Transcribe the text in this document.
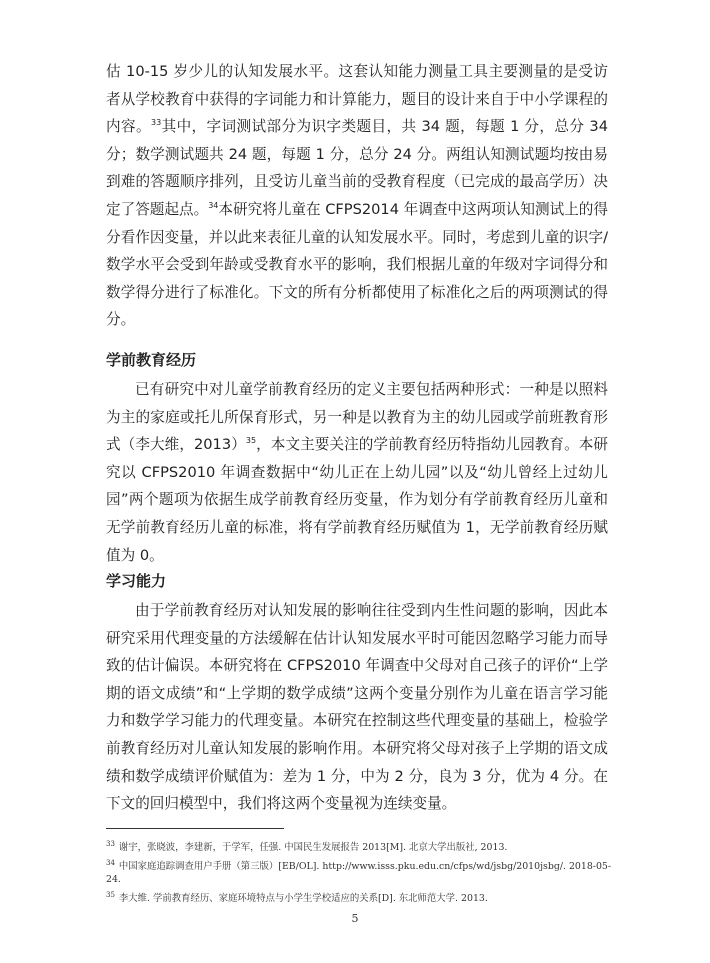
估 10-15 岁少儿的认知发展水平。这套认知能力测量工具主要测量的是受访者从学校教育中获得的字词能力和计算能力，题目的设计来自于中小学课程的内容。$^{33}$其中，字词测试部分为识字类题目，共 34 题，每题 1 分，总分 34 分；数学测试题共 24 题，每题 1 分，总分 24 分。两组认知测试题均按由易到难的答题顺序排列，且受访儿童当前的受教育程度（已完成的最高学历）决定了答题起点。$^{34}$本研究将儿童在 CFPS2014 年调查中这两项认知测试上的得分看作因变量，并以此来表征儿童的认知发展水平。同时，考虑到儿童的识字/数学水平会受到年龄或受教育水平的影响，我们根据儿童的年级对字词得分和数学得分进行了标准化。下文的所有分析都使用了标准化之后的两项测试的得分。

学前教育经历

已有研究中对儿童学前教育经历的定义主要包括两种形式：一种是以照料为主的家庭或托儿所保育形式，另一种是以教育为主的幼儿园或学前班教育形式（李大维，2013）$^{35}$，本文主要关注的学前教育经历特指幼儿园教育。本研究以 CFPS2010 年调查数据中“幼儿正在上幼儿园”以及“幼儿曾经上过幼儿园”两个题项为依据生成学前教育经历变量，作为划分有学前教育经历儿童和无学前教育经历儿童的标准，将有学前教育经历赋值为 1，无学前教育经历赋值为 0。

学习能力

由于学前教育经历对认知发展的影响往往受到内生性问题的影响，因此本研究采用代理变量的方法缓解在估计认知发展水平时可能因忽略学习能力而导致的估计偏误。本研究将在 CFPS2010 年调查中父母对自己孩子的评价“上学期的语文成绩”和“上学期的数学成绩”这两个变量分别作为儿童在语言学习能力和数学学习能力的代理变量。本研究在控制这些代理变量的基础上，检验学前教育经历对儿童认知发展的影响作用。本研究将父母对孩子上学期的语文成绩和数学成绩评价赋值为：差为 1 分，中为 2 分，良为 3 分，优为 4 分。在下文的回归模型中，我们将这两个变量视为连续变量。

$^{33}$ 谢宇，张晓波，李建新，于学军，任强. 中国民生发展报告 2013[M]. 北京大学出版社, 2013.

$^{34}$ 中国家庭追踪调查用户手册（第三版）[EB/OL]. http://www.isss.pku.edu.cn/cfps/wd/jsbg/2010jsbg/. 2018-05-24.

$^{35}$ 李大维. 学前教育经历、家庭环境特点与小学生学校适应的关系[D]. 东北师范大学. 2013.

5
